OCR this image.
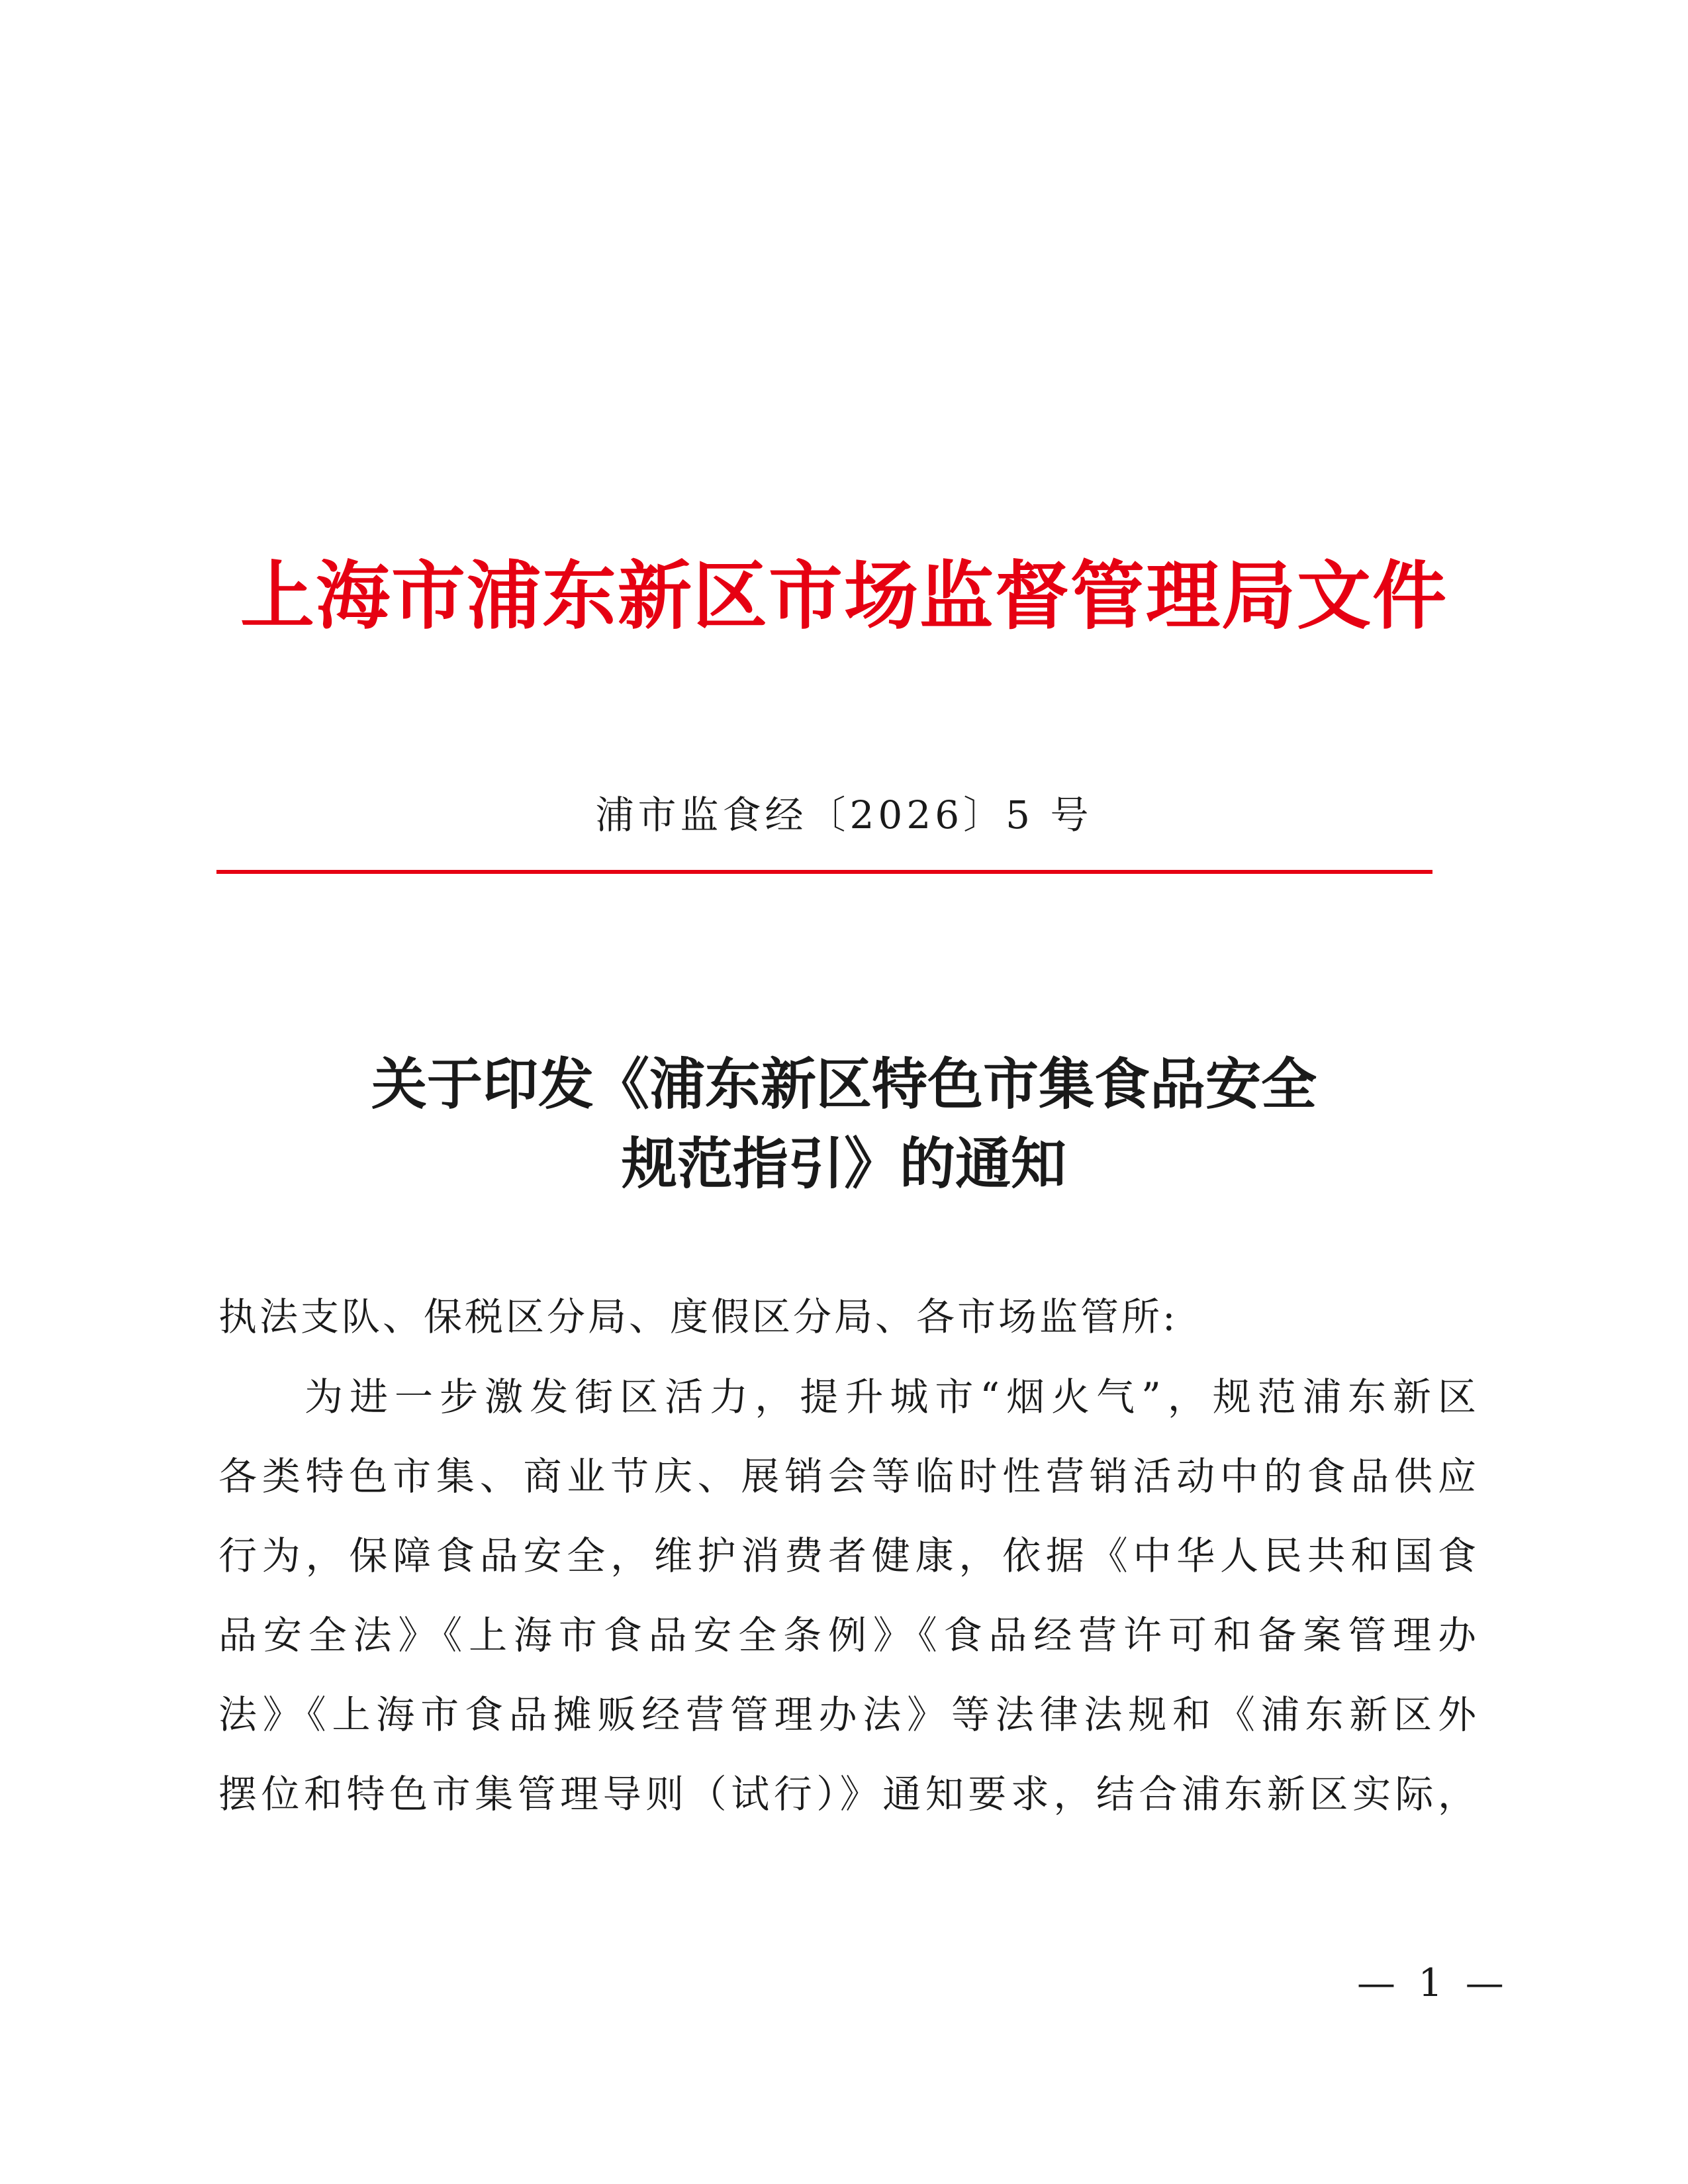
上海市浦东新区市场监督管理局文件
浦市监食经〔2026〕5 号
关于印发《浦东新区特色市集食品安全
规范指引》的通知
执法支队、保税区分局、度假区分局、各市场监管所:
为进一步激发街区活力，提升城市“烟火气”，规范浦东新区
各类特色市集、商业节庆、展销会等临时性营销活动中的食品供应
行为，保障食品安全，维护消费者健康，依据《中华人民共和国食
品安全法》《上海市食品安全条例》《食品经营许可和备案管理办
法》《上海市食品摊贩经营管理办法》等法律法规和《浦东新区外
摆位和特色市集管理导则（试行）》通知要求，结合浦东新区实际，
— 1 —
